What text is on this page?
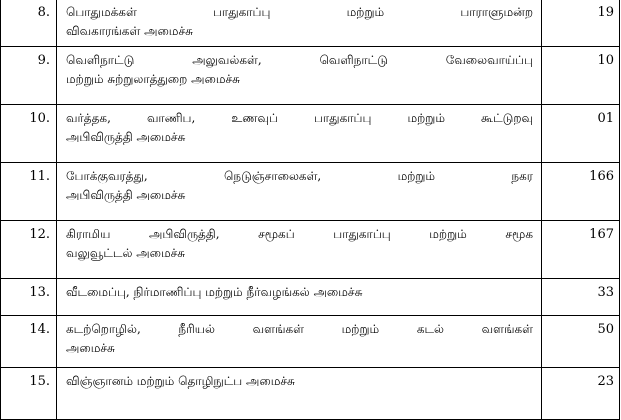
8.	பொதுமக்கள் பாதுகாப்பு மற்றும் பாராளுமன்ற
விவகாரங்கள் அமைச்சு	19
9.	வெளிநாட்டு அலுவல்கள், வெளிநாட்டு வேலைவாய்ப்பு
மற்றும் சுற்றுலாத்துறை அமைச்சு	10
10.	வர்த்தக, வாணிப, உணவுப் பாதுகாப்பு மற்றும் கூட்டுறவு
அபிவிருத்தி அமைச்சு	01
11.	போக்குவரத்து, நெடுஞ்சாலைகள், மற்றும் நகர
அபிவிருத்தி அமைச்சு	166
12.	கிராமிய அபிவிருத்தி, சமூகப் பாதுகாப்பு மற்றும் சமூக
வலுவூட்டல் அமைச்சு	167
13.	வீடமைப்பு, நிர்மாணிப்பு மற்றும் நீர்வழங்கல் அமைச்சு	33
14.	கடற்றொழில், நீரியல் வளங்கள் மற்றும் கடல் வளங்கள்
அமைச்சு	50
15.	விஞ்ஞானம் மற்றும் தொழிநுட்ப அமைச்சு	23
